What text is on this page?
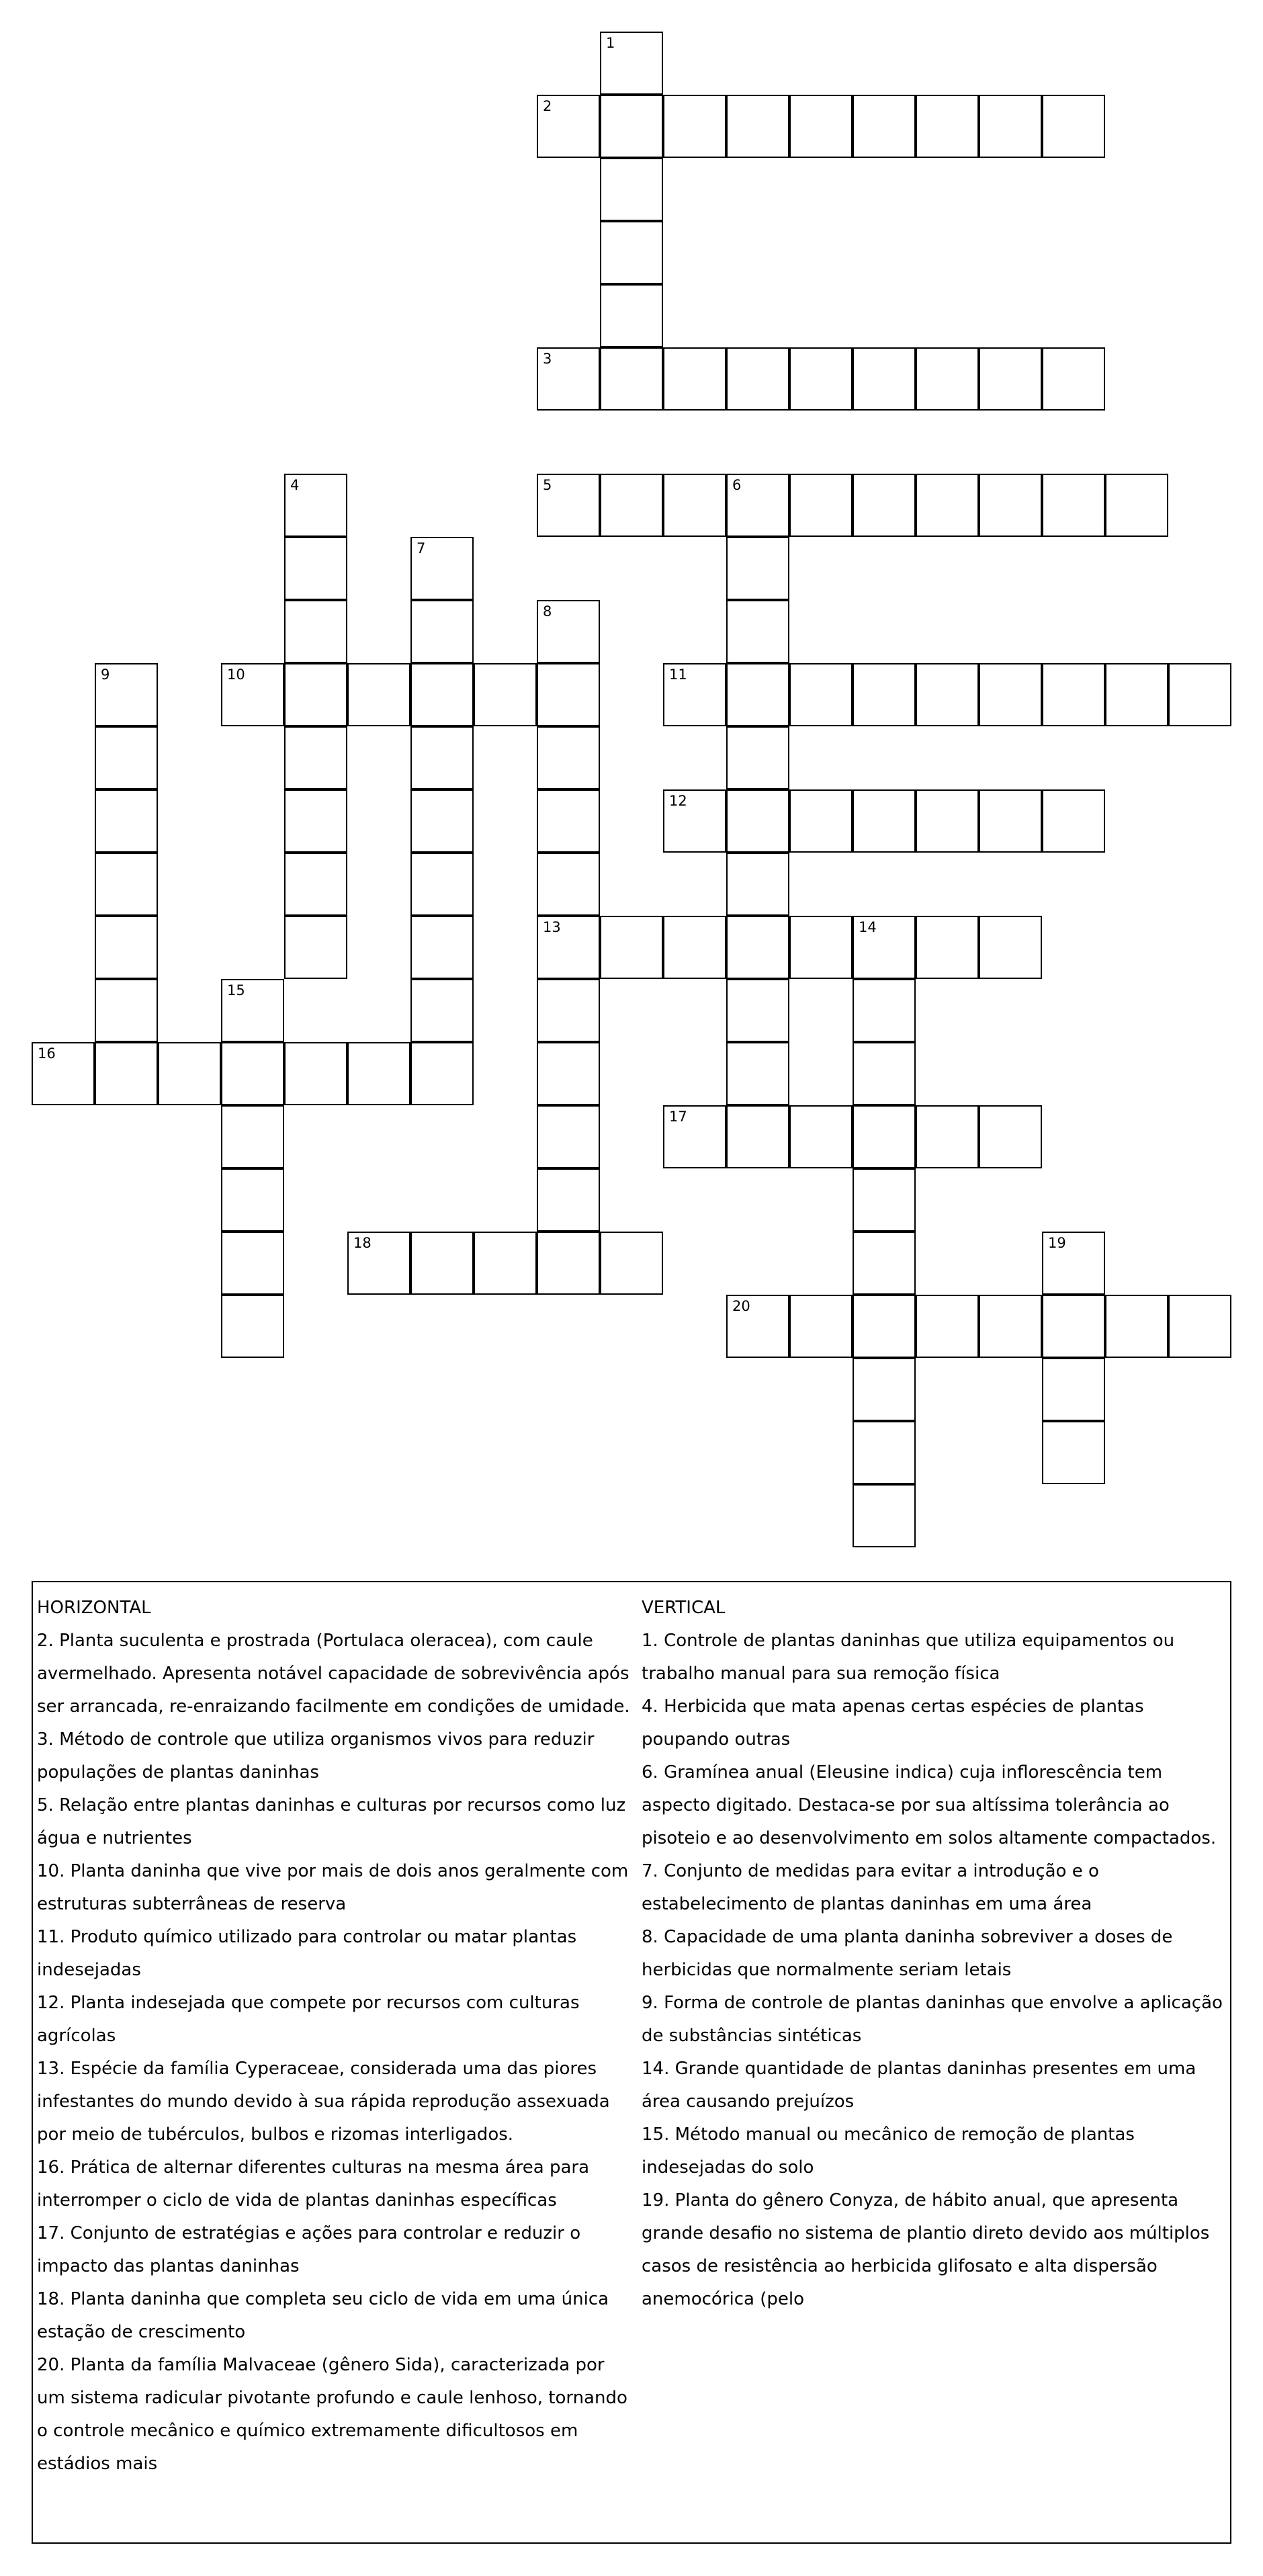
1
2
3
4	5	6
7
8
13
9	10	11
12
14
15
16
17
18	19
20
HORIZONTAL
2. Planta suculenta e prostrada (Portulaca oleracea), com caule avermelhado. Apresenta notável capacidade de sobrevivência após ser arrancada, re-enraizando facilmente em condições de umidade.
3. Método de controle que utiliza organismos vivos para reduzir populações de plantas daninhas
5. Relação entre plantas daninhas e culturas por recursos como luz água e nutrientes
10. Planta daninha que vive por mais de dois anos geralmente com estruturas subterrâneas de reserva
11. Produto químico utilizado para controlar ou matar plantas indesejadas
12. Planta indesejada que compete por recursos com culturas agrícolas
13. Espécie da família Cyperaceae, considerada uma das piores infestantes do mundo devido à sua rápida reprodução assexuada por meio de tubérculos, bulbos e rizomas interligados.
16. Prática de alternar diferentes culturas na mesma área para interromper o ciclo de vida de plantas daninhas específicas
17. Conjunto de estratégias e ações para controlar e reduzir o impacto das plantas daninhas
18. Planta daninha que completa seu ciclo de vida em uma única estação de crescimento
20. Planta da família Malvaceae (gênero Sida), caracterizada por um sistema radicular pivotante profundo e caule lenhoso, tornando o controle mecânico e químico extremamente dificultosos em estádios mais
VERTICAL
1. Controle de plantas daninhas que utiliza equipamentos ou trabalho manual para sua remoção física
4. Herbicida que mata apenas certas espécies de plantas poupando outras
6. Gramínea anual (Eleusine indica) cuja inflorescência tem aspecto digitado. Destaca-se por sua altíssima tolerância ao pisoteio e ao desenvolvimento em solos altamente compactados.
7. Conjunto de medidas para evitar a introdução e o estabelecimento de plantas daninhas em uma área
8. Capacidade de uma planta daninha sobreviver a doses de herbicidas que normalmente seriam letais
9. Forma de controle de plantas daninhas que envolve a aplicação de substâncias sintéticas
14. Grande quantidade de plantas daninhas presentes em uma área causando prejuízos
15. Método manual ou mecânico de remoção de plantas indesejadas do solo
19. Planta do gênero Conyza, de hábito anual, que apresenta grande desafio no sistema de plantio direto devido aos múltiplos casos de resistência ao herbicida glifosato e alta dispersão anemocórica (pelo
